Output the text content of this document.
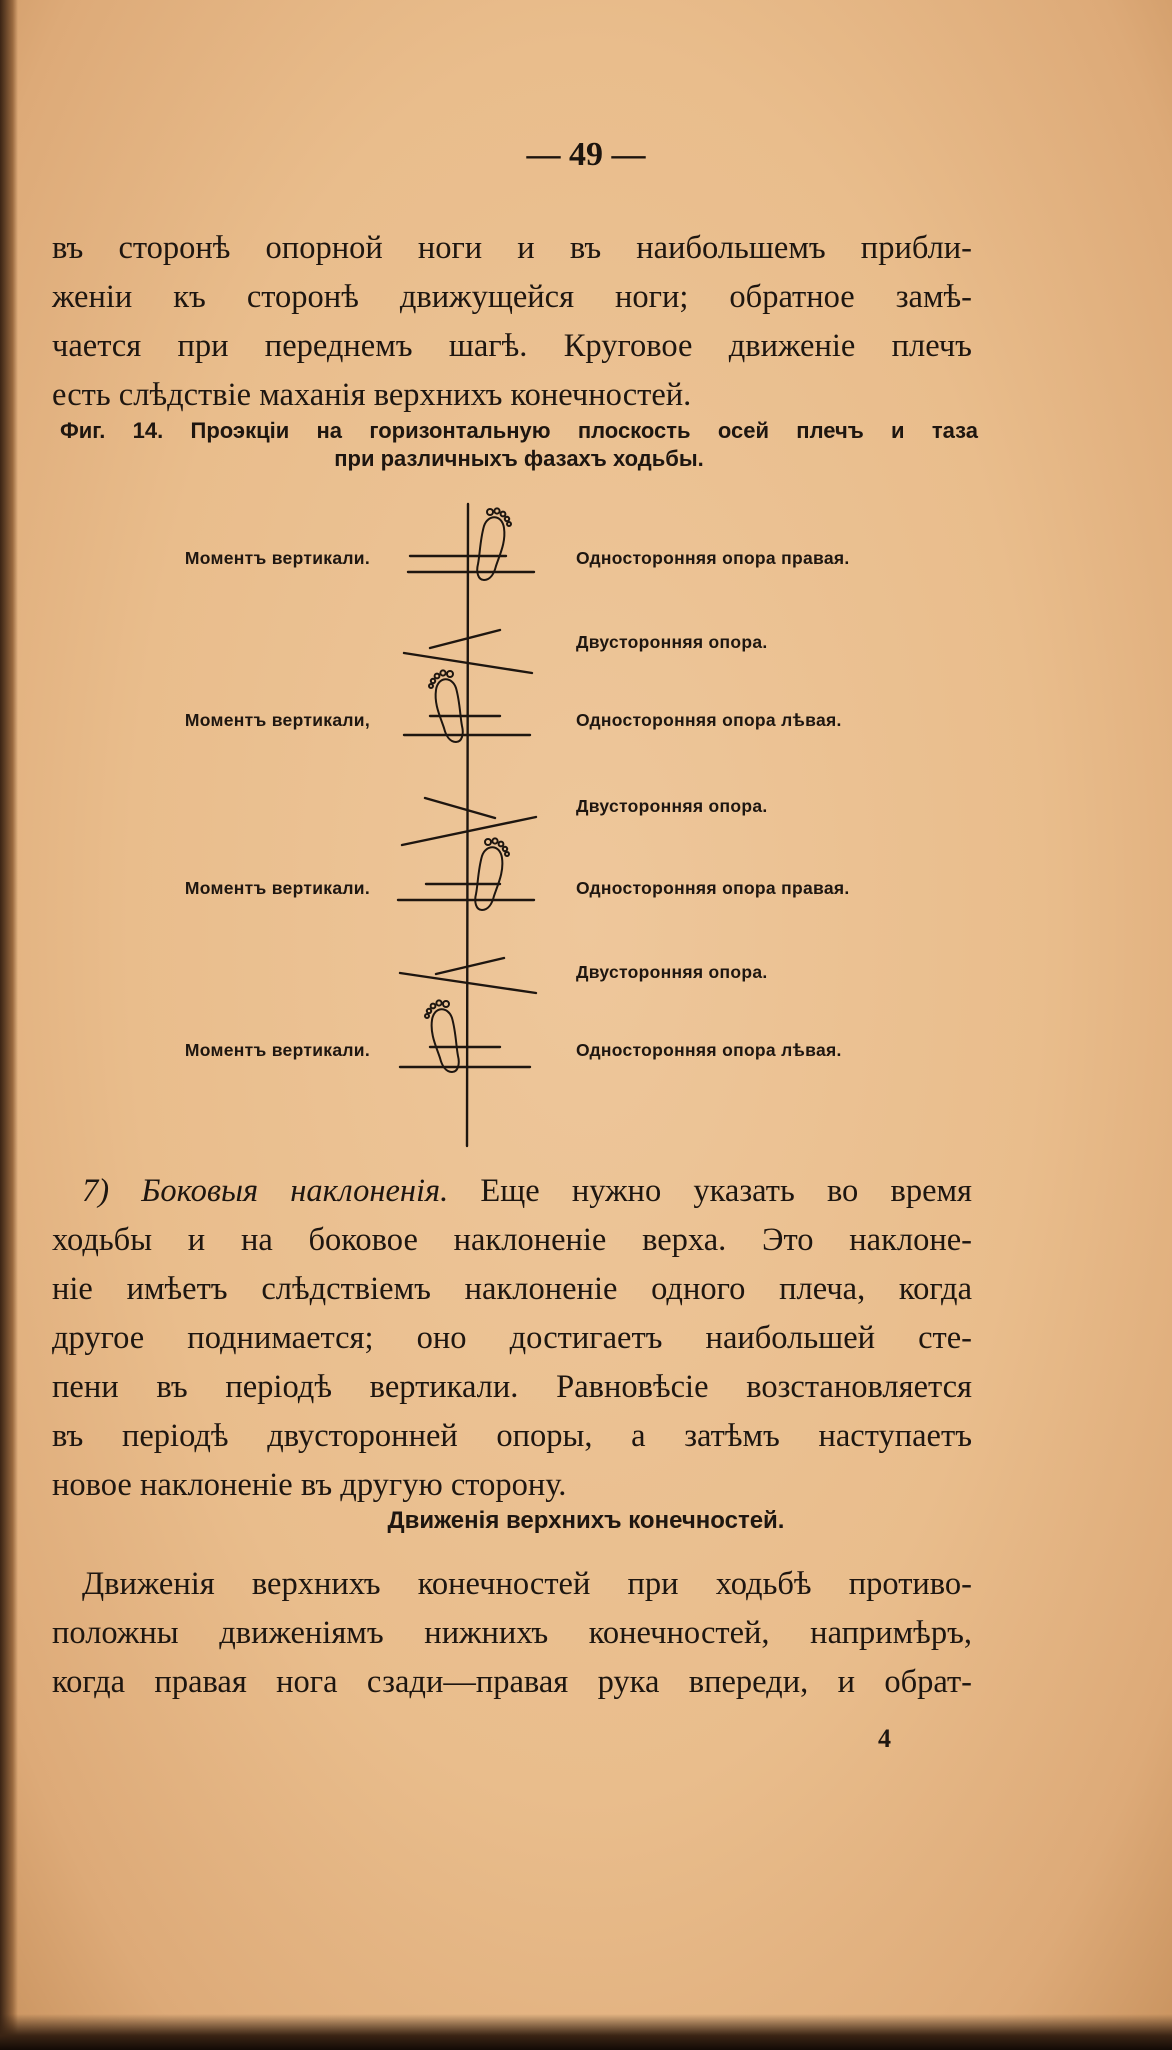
— 49 —

въ сторонѣ опорной ноги и въ наибольшемъ прибли-
женіи къ сторонѣ движущейся ноги; обратное замѣ-
чается при переднемъ шагѣ. Круговое движеніе плечъ
есть слѣдствіе маханія верхнихъ конечностей.

Фиг. 14. Проэкціи на горизонтальную плоскость осей плечъ и таза
при различныхъ фазахъ ходьбы.
Моментъ вертикали.
Моментъ вертикали,
Моментъ вертикали.
Моментъ вертикали.
Односторонняя опора правая.
Двусторонняя опора.
Односторонняя опора лѣвая.
Двусторонняя опора.
Односторонняя опора правая.
Двусторонняя опора.
Односторонняя опора лѣвая.

7) Боковыя наклоненія. Еще нужно указать во время
ходьбы и на боковое наклоненіе верха. Это наклоне-
ніе имѣетъ слѣдствіемъ наклоненіе одного плеча, когда
другое поднимается; оно достигаетъ наибольшей сте-
пени въ періодѣ вертикали. Равновѣсіе возстановляется
въ періодѣ двусторонней опоры, а затѣмъ наступаетъ
новое наклоненіе въ другую сторону.

Движенія верхнихъ конечностей.

Движенія верхнихъ конечностей при ходьбѣ противо-
положны движеніямъ нижнихъ конечностей, напримѣръ,
когда правая нога сзади—правая рука впереди, и обрат-

4
